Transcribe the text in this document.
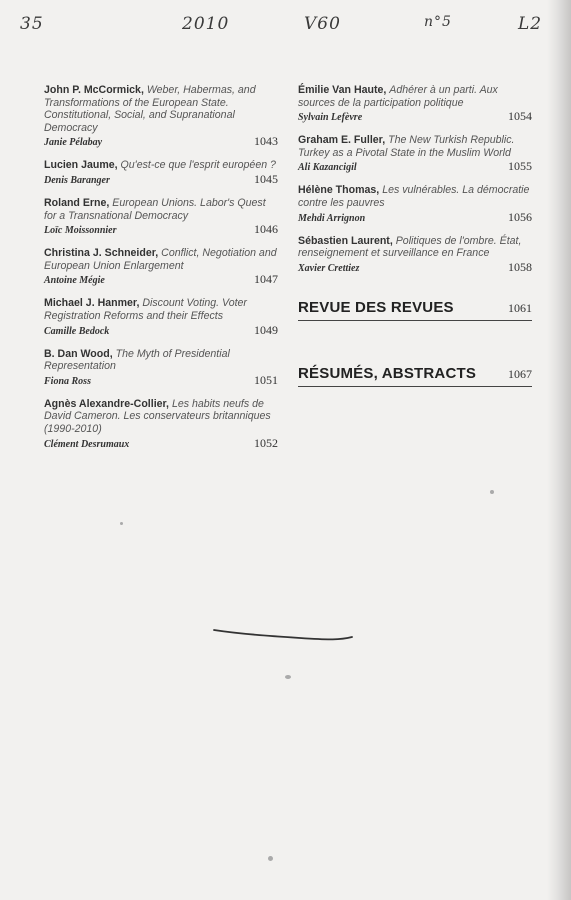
35	2010	V60	n°5	L2
John P. McCormick, Weber, Habermas, and Transformations of the European State. Constitutional, Social, and Supranational Democracy
Janie Pélabay	1043
Lucien Jaume, Qu'est-ce que l'esprit européen ?
Denis Baranger	1045
Roland Erne, European Unions. Labor's Quest for a Transnational Democracy
Loïc Moissonnier	1046
Christina J. Schneider, Conflict, Negotiation and European Union Enlargement
Antoine Mégie	1047
Michael J. Hanmer, Discount Voting. Voter Registration Reforms and their Effects
Camille Bedock	1049
B. Dan Wood, The Myth of Presidential Representation
Fiona Ross	1051
Agnès Alexandre-Collier, Les habits neufs de David Cameron. Les conservateurs britanniques (1990-2010)
Clément Desrumaux	1052
Émilie Van Haute, Adhérer à un parti. Aux sources de la participation politique
Sylvain Lefèvre	1054
Graham E. Fuller, The New Turkish Republic. Turkey as a Pivotal State in the Muslim World
Ali Kazancigil	1055
Hélène Thomas, Les vulnérables. La démocratie contre les pauvres
Mehdi Arrignon	1056
Sébastien Laurent, Politiques de l'ombre. État, renseignement et surveillance en France
Xavier Crettiez	1058
REVUE DES REVUES	1061
RÉSUMÉS, ABSTRACTS	1067
